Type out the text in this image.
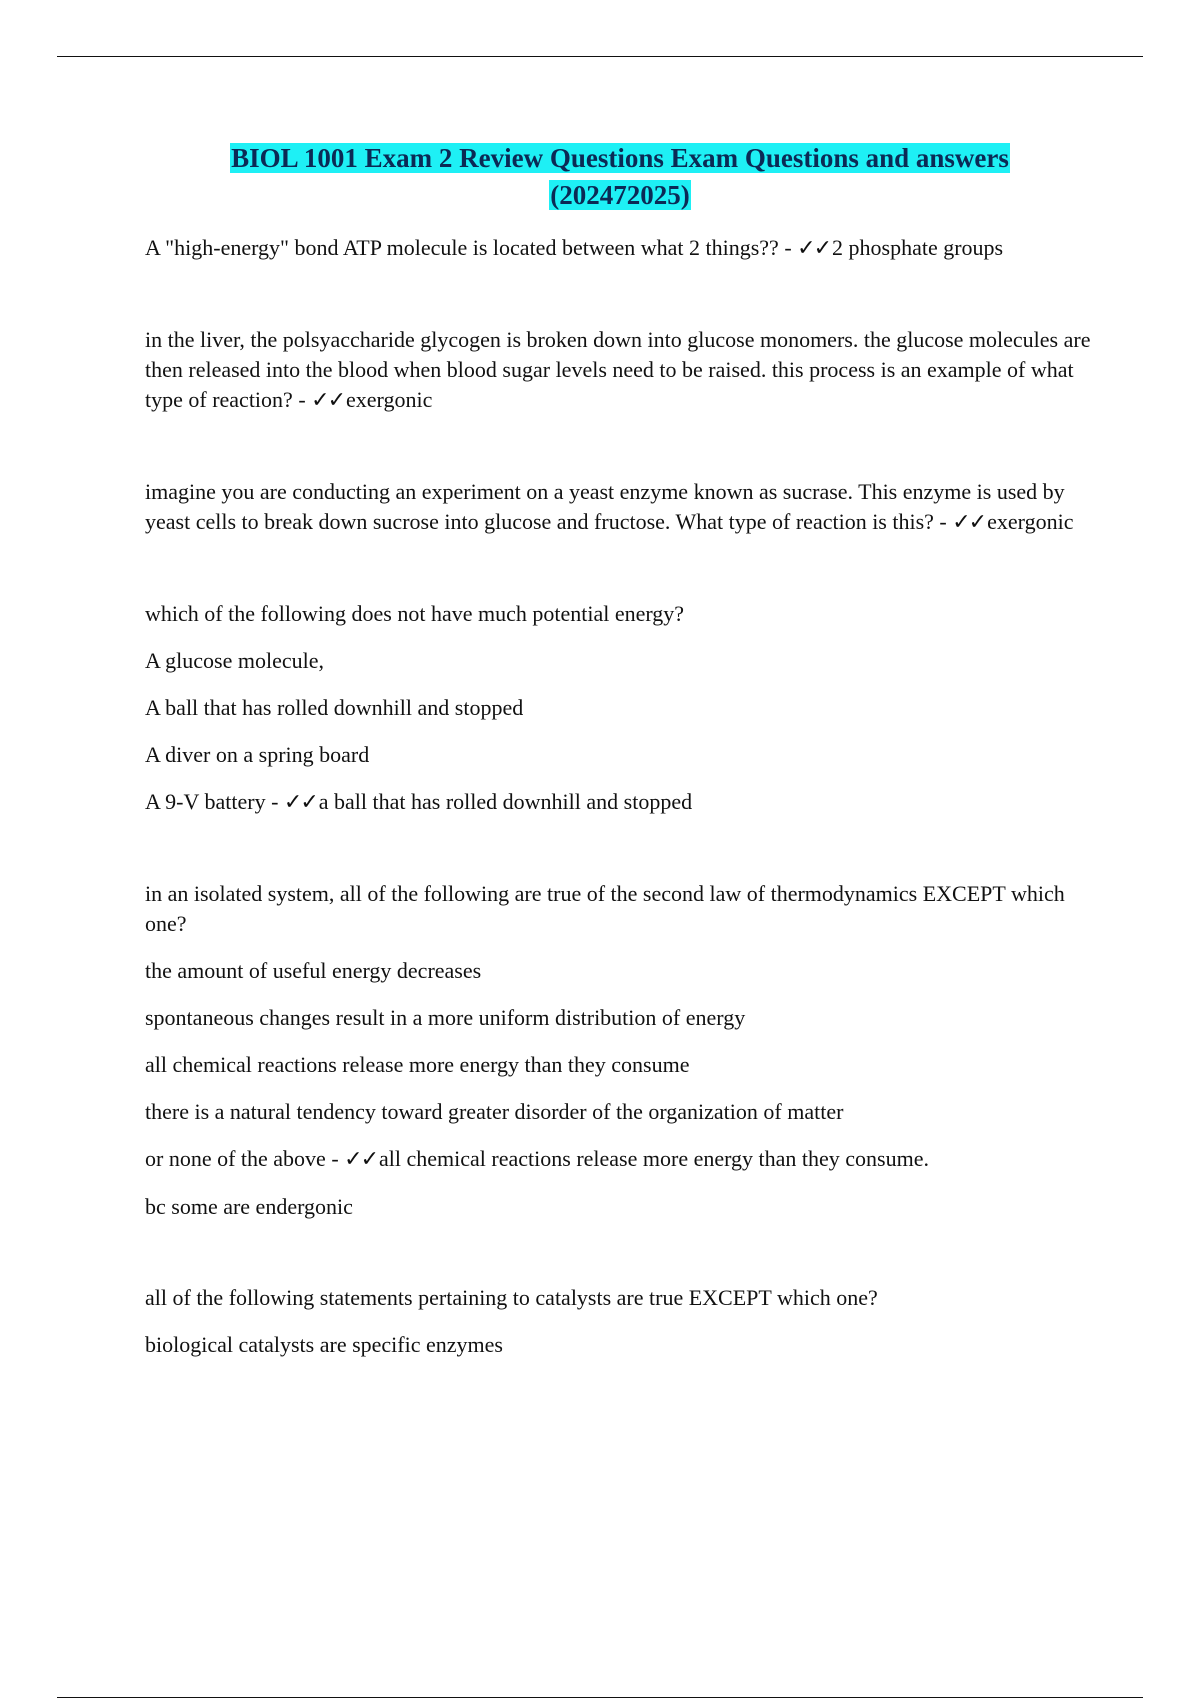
BIOL 1001 Exam 2 Review Questions Exam Questions and answers
(202472025)

A "high-energy" bond ATP molecule is located between what 2 things?? - ✓✓2 phosphate groups

in the liver, the polsyaccharide glycogen is broken down into glucose monomers. the glucose molecules are then released into the blood when blood sugar levels need to be raised. this process is an example of what type of reaction? - ✓✓exergonic

imagine you are conducting an experiment on a yeast enzyme known as sucrase. This enzyme is used by yeast cells to break down sucrose into glucose and fructose. What type of reaction is this? - ✓✓exergonic

which of the following does not have much potential energy?

A glucose molecule,

A ball that has rolled downhill and stopped

A diver on a spring board

A 9-V battery - ✓✓a ball that has rolled downhill and stopped

in an isolated system, all of the following are true of the second law of thermodynamics EXCEPT which one?

the amount of useful energy decreases

spontaneous changes result in a more uniform distribution of energy

all chemical reactions release more energy than they consume

there is a natural tendency toward greater disorder of the organization of matter

or none of the above - ✓✓all chemical reactions release more energy than they consume.

bc some are endergonic

all of the following statements pertaining to catalysts are true EXCEPT which one?

biological catalysts are specific enzymes
